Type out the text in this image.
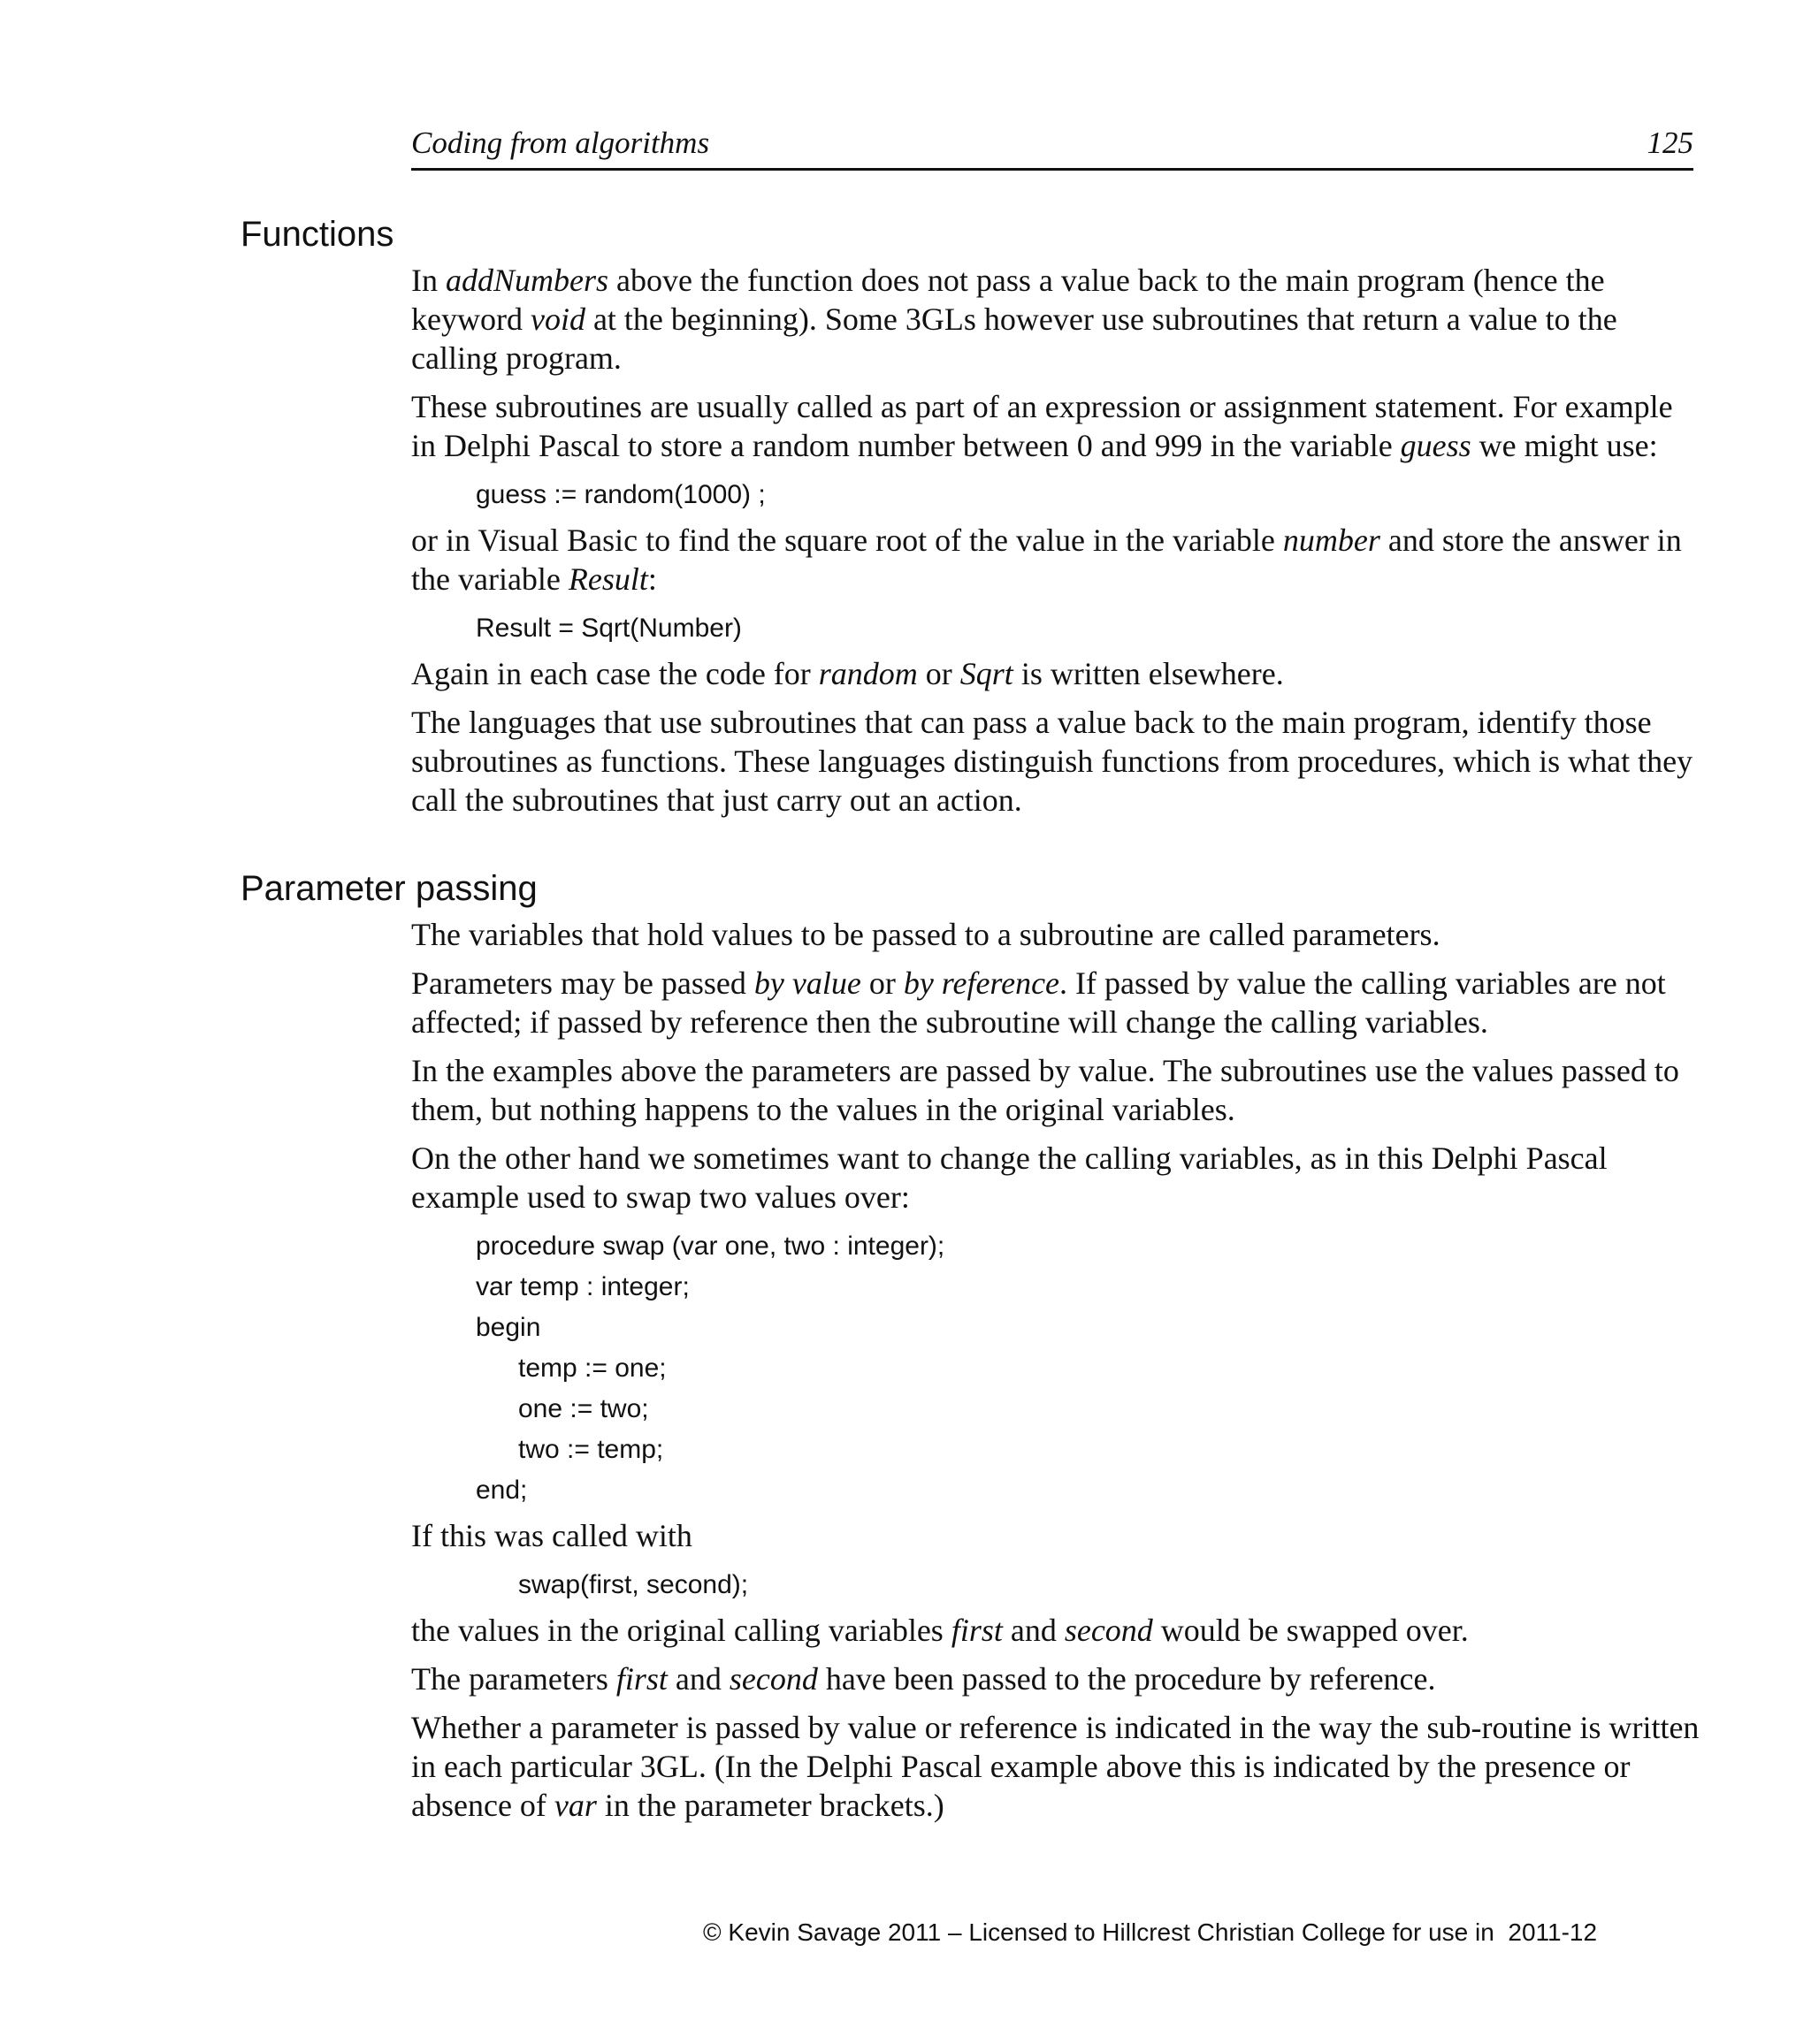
Coding from algorithms	125
Functions

In addNumbers above the function does not pass a value back to the main program (hence the keyword void at the beginning). Some 3GLs however use subroutines that return a value to the calling program.

These subroutines are usually called as part of an expression or assignment statement. For example in Delphi Pascal to store a random number between 0 and 999 in the variable guess we might use:

guess := random(1000) ;

or in Visual Basic to find the square root of the value in the variable number and store the answer in the variable Result:

Result = Sqrt(Number)

Again in each case the code for random or Sqrt is written elsewhere.

The languages that use subroutines that can pass a value back to the main program, identify those subroutines as functions. These languages distinguish functions from procedures, which is what they call the subroutines that just carry out an action.

Parameter passing

The variables that hold values to be passed to a subroutine are called parameters.

Parameters may be passed by value or by reference. If passed by value the calling variables are not affected; if passed by reference then the subroutine will change the calling variables.

In the examples above the parameters are passed by value. The subroutines use the values passed to them, but nothing happens to the values in the original variables.

On the other hand we sometimes want to change the calling variables, as in this Delphi Pascal example used to swap two values over:

procedure swap (var one, two : integer);
var temp : integer;
begin
temp := one;
one := two;
two := temp;
end;

If this was called with

swap(first, second);

the values in the original calling variables first and second would be swapped over.

The parameters first and second have been passed to the procedure by reference.

Whether a parameter is passed by value or reference is indicated in the way the sub-routine is written in each particular 3GL. (In the Delphi Pascal example above this is indicated by the presence or absence of var in the parameter brackets.)

© Kevin Savage 2011 – Licensed to Hillcrest Christian College for use in  2011-12
